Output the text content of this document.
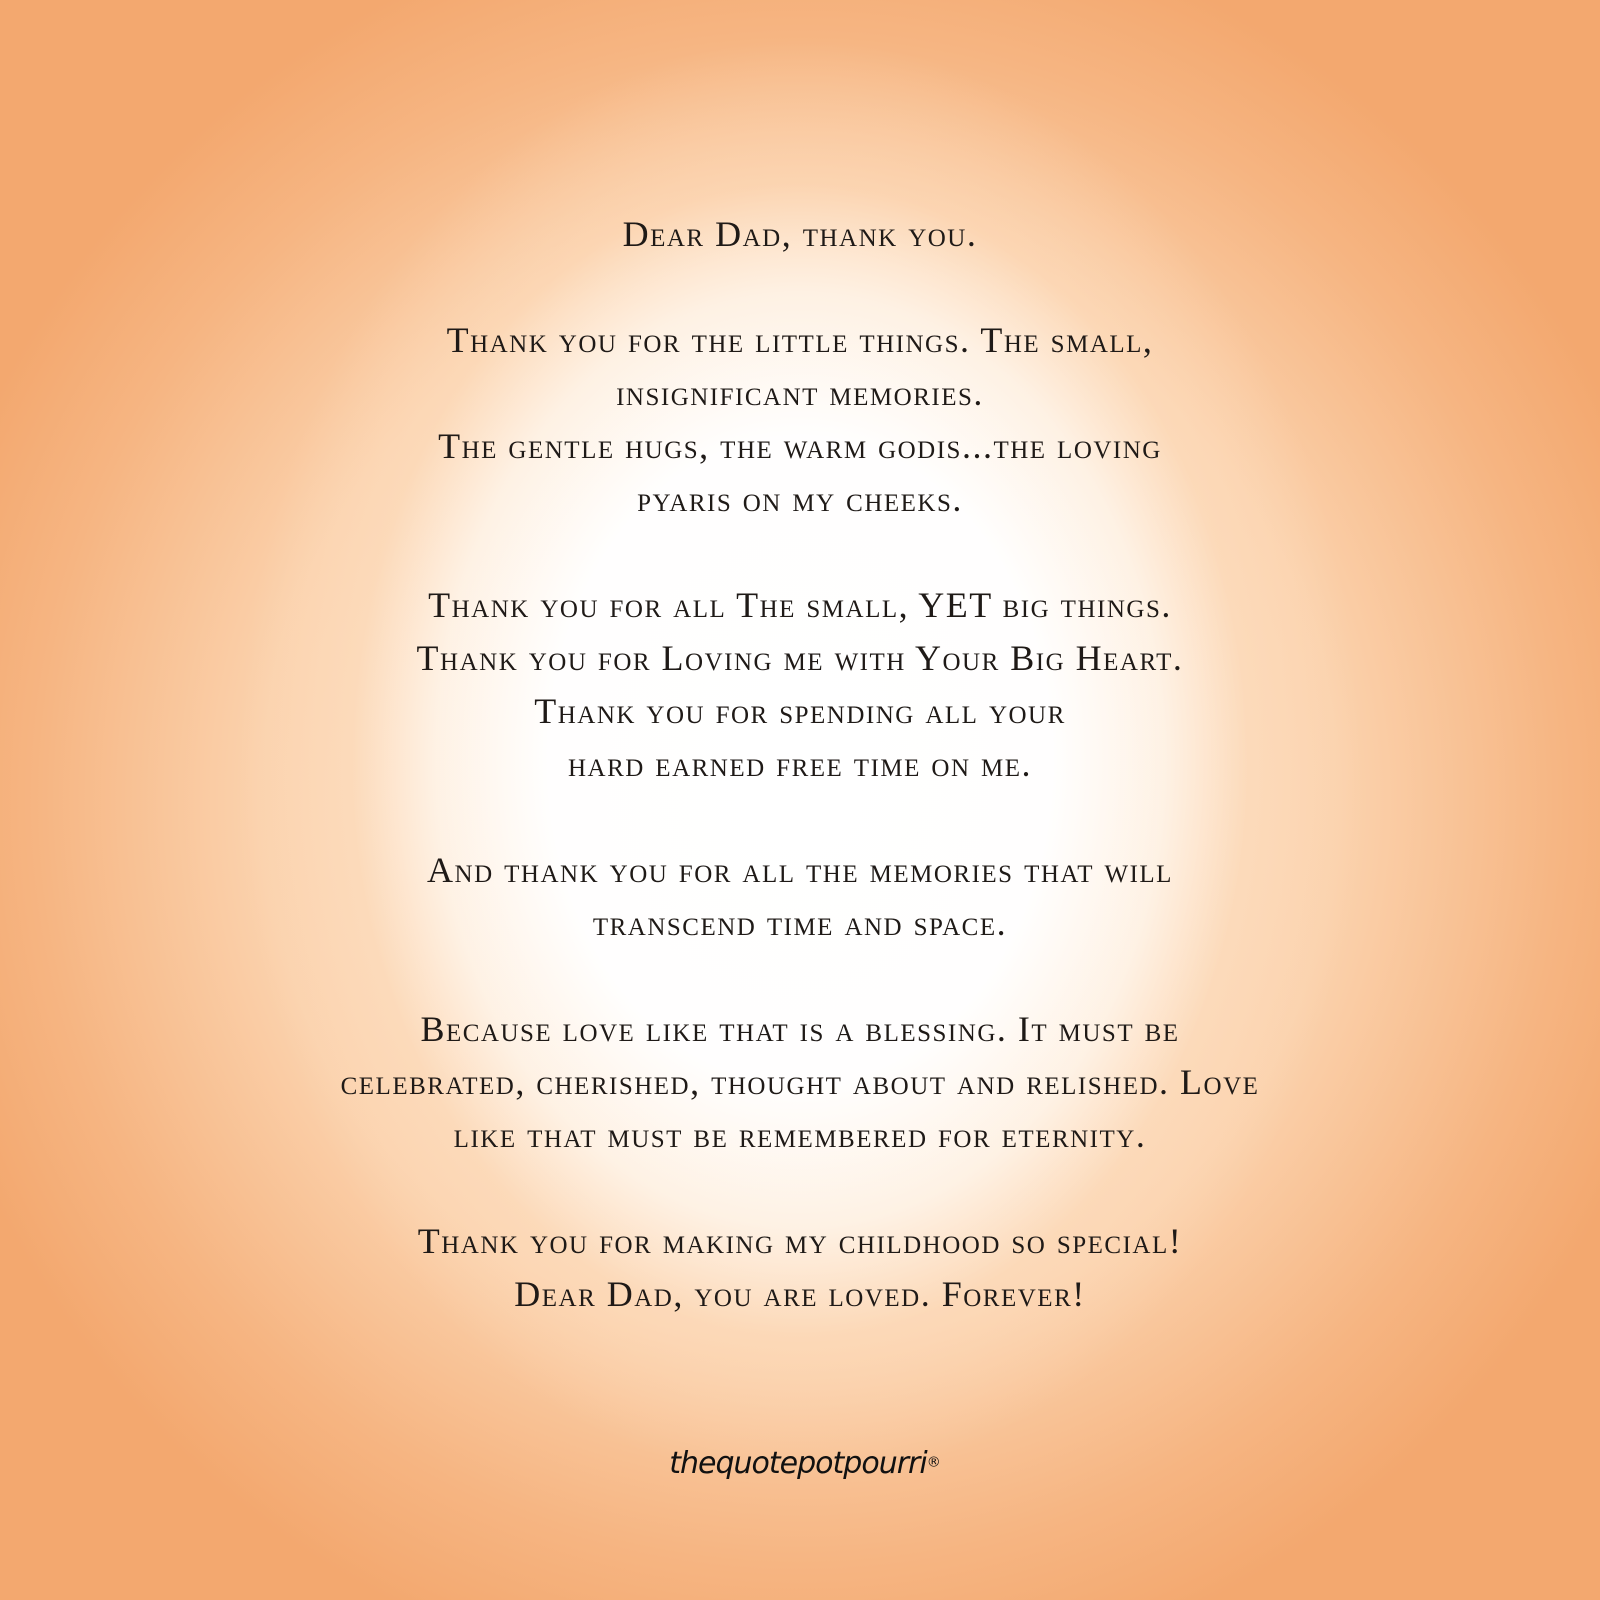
Dear Dad, thank you.
Thank you for the little things. The small,
insignificant memories.
The gentle hugs, the warm godis...the loving
pyaris on my cheeks.
Thank you for all The small, YET big things.
Thank you for Loving me with Your Big Heart.
Thank you for spending all your
hard earned free time on me.
And thank you for all the memories that will
transcend time and space.
Because love like that is a blessing. It must be
celebrated, cherished, thought about and relished. Love
like that must be remembered for eternity.
Thank you for making my childhood so special!
Dear Dad, you are loved. Forever!
thequotepotpourri®
